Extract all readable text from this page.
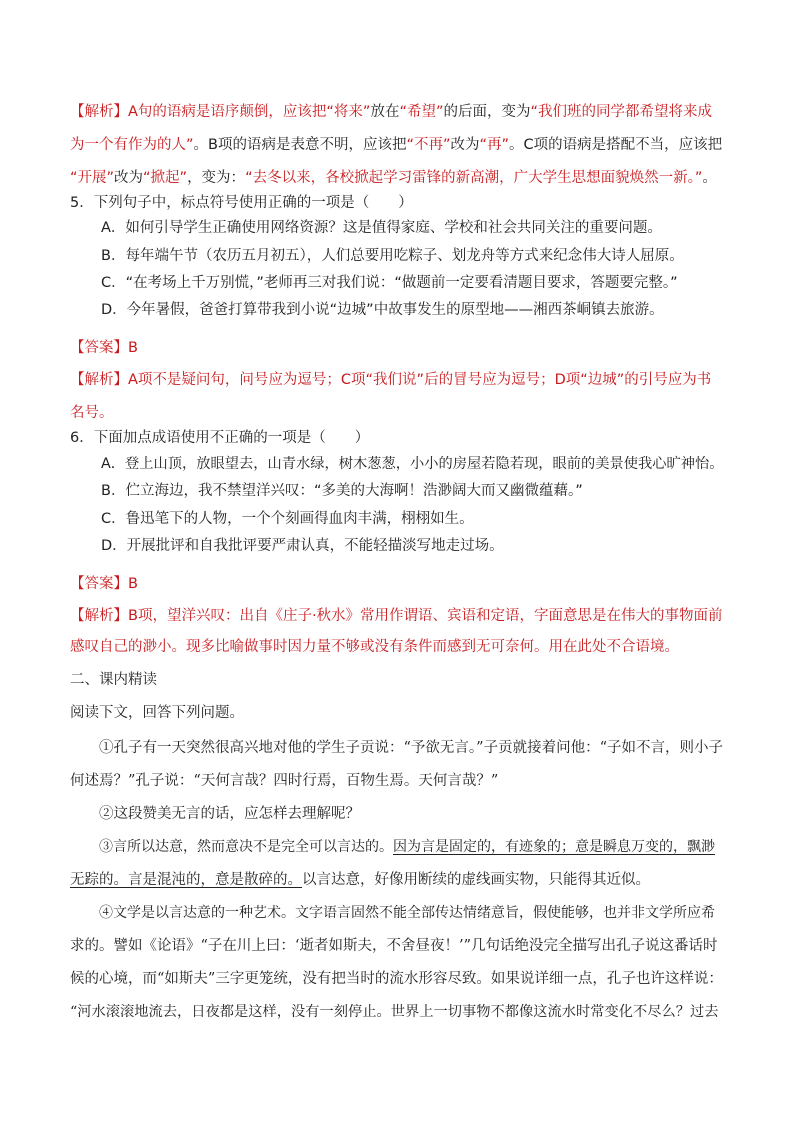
【解析】A句的语病是语序颠倒，应该把“将来”放在“希望”的后面，变为“我们班的同学都希望将来成
为一个有作为的人”。B项的语病是表意不明，应该把“不再”改为“再”。C项的语病是搭配不当，应该把
“开展”改为“掀起”，变为：“去冬以来，各校掀起学习雷锋的新高潮，广大学生思想面貌焕然一新。”。
5．下列句子中，标点符号使用正确的一项是（　　）
A．如何引导学生正确使用网络资源？这是值得家庭、学校和社会共同关注的重要问题。
B．每年端午节（农历五月初五），人们总要用吃粽子、划龙舟等方式来纪念伟大诗人屈原。
C．“在考场上千万别慌，”老师再三对我们说：“做题前一定要看清题目要求，答题要完整。”
D．今年暑假，爸爸打算带我到小说“边城”中故事发生的原型地——湘西茶峒镇去旅游。
【答案】B
【解析】A项不是疑问句，问号应为逗号；C项“我们说”后的冒号应为逗号；D项“边城”的引号应为书
名号。
6．下面加点成语使用不正确的一项是（　　）
A．登上山顶，放眼望去，山青水绿，树木葱葱，小小的房屋若隐若现，眼前的美景使我心旷神怡。
B．伫立海边，我不禁望洋兴叹：“多美的大海啊！浩渺阔大而又幽微蕴藉。”
C．鲁迅笔下的人物，一个个刻画得血肉丰满，栩栩如生。
D．开展批评和自我批评要严肃认真，不能轻描淡写地走过场。
【答案】B
【解析】B项，望洋兴叹：出自《庄子·秋水》常用作谓语、宾语和定语，字面意思是在伟大的事物面前
感叹自己的渺小。现多比喻做事时因力量不够或没有条件而感到无可奈何。用在此处不合语境。
二、课内精读
阅读下文，回答下列问题。
①孔子有一天突然很高兴地对他的学生子贡说：“予欲无言。”子贡就接着问他：“子如不言，则小子
何述焉？”孔子说：“天何言哉？四时行焉，百物生焉。天何言哉？”
②这段赞美无言的话，应怎样去理解呢？
③言所以达意，然而意决不是完全可以言达的。因为言是固定的，有迹象的；意是瞬息万变的，飘渺
无踪的。言是混沌的，意是散碎的。以言达意，好像用断续的虚线画实物，只能得其近似。
④文学是以言达意的一种艺术。文字语言固然不能全部传达情绪意旨，假使能够，也并非文学所应希
求的。譬如《论语》“子在川上曰：‘逝者如斯夫，不舍昼夜！’”几句话绝没完全描写出孔子说这番话时
候的心境，而“如斯夫”三字更笼统，没有把当时的流水形容尽致。如果说详细一点，孔子也许这样说：
“河水滚滚地流去，日夜都是这样，没有一刻停止。世界上一切事物不都像这流水时常变化不尽么？过去
